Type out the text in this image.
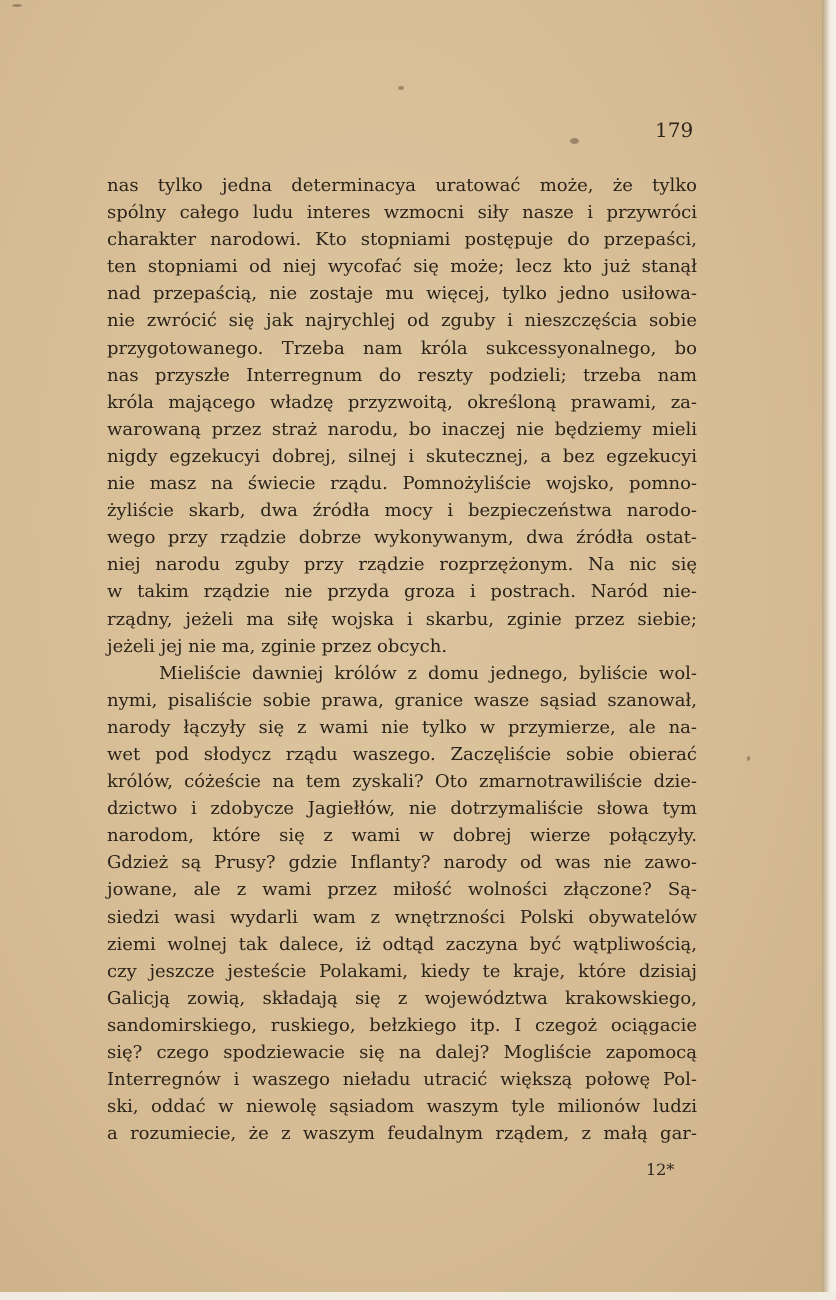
179
nas tylko jedna determinacya uratować może, że tylko
spólny całego ludu interes wzmocni siły nasze i przywróci
charakter narodowi. Kto stopniami postępuje do przepaści,
ten stopniami od niej wycofać się może; lecz kto już stanął
nad przepaścią, nie zostaje mu więcej, tylko jedno usiłowa-
nie zwrócić się jak najrychlej od zguby i nieszczęścia sobie
przygotowanego. Trzeba nam króla sukcessyonalnego, bo
nas przyszłe Interregnum do reszty podzieli; trzeba nam
króla mającego władzę przyzwoitą, określoną prawami, za-
warowaną przez straż narodu, bo inaczej nie będziemy mieli
nigdy egzekucyi dobrej, silnej i skutecznej, a bez egzekucyi
nie masz na świecie rządu. Pomnożyliście wojsko, pomno-
żyliście skarb, dwa źródła mocy i bezpieczeństwa narodo-
wego przy rządzie dobrze wykonywanym, dwa źródła ostat-
niej narodu zguby przy rządzie rozprzężonym. Na nic się
w takim rządzie nie przyda groza i postrach. Naród nie-
rządny, jeżeli ma siłę wojska i skarbu, zginie przez siebie;
jeżeli jej nie ma, zginie przez obcych.
Mieliście dawniej królów z domu jednego, byliście wol-
nymi, pisaliście sobie prawa, granice wasze sąsiad szanował,
narody łączyły się z wami nie tylko w przymierze, ale na-
wet pod słodycz rządu waszego. Zaczęliście sobie obierać
królów, cóżeście na tem zyskali? Oto zmarnotrawiliście dzie-
dzictwo i zdobycze Jagiełłów, nie dotrzymaliście słowa tym
narodom, które się z wami w dobrej wierze połączyły.
Gdzież są Prusy? gdzie Inflanty? narody od was nie zawo-
jowane, ale z wami przez miłość wolności złączone? Są-
siedzi wasi wydarli wam z wnętrzności Polski obywatelów
ziemi wolnej tak dalece, iż odtąd zaczyna być wątpliwością,
czy jeszcze jesteście Polakami, kiedy te kraje, które dzisiaj
Galicją zowią, składają się z województwa krakowskiego,
sandomirskiego, ruskiego, bełzkiego itp. I czegoż ociągacie
się? czego spodziewacie się na dalej? Mogliście zapomocą
Interregnów i waszego nieładu utracić większą połowę Pol-
ski, oddać w niewolę sąsiadom waszym tyle milionów ludzi
a rozumiecie, że z waszym feudalnym rządem, z małą gar-
12*
